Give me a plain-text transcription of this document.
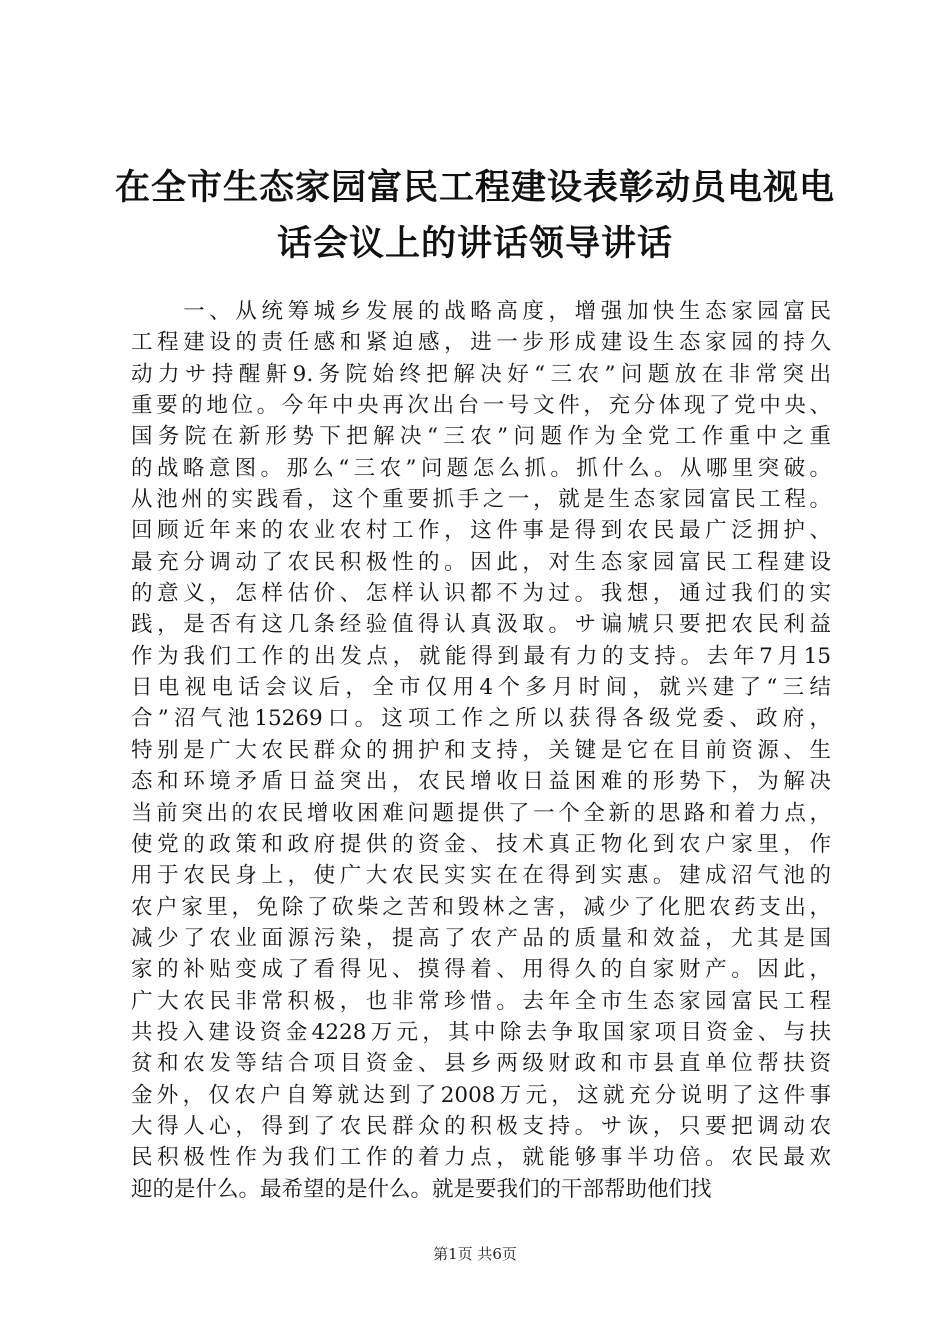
在全市生态家园富民工程建设表彰动员电视电
话会议上的讲话领导讲话
　　一、从统筹城乡发展的战略高度，增强加快生态家园富民
工程建设的责任感和紧迫感，进一步形成建设生态家园的持久
动力サ持醒鼾9.务院始终把解决好“三农”问题放在非常突出
重要的地位。今年中央再次出台一号文件，充分体现了党中央、
国务院在新形势下把解决“三农”问题作为全党工作重中之重
的战略意图。那么“三农”问题怎么抓。抓什么。从哪里突破。
从池州的实践看，这个重要抓手之一，就是生态家园富民工程。
回顾近年来的农业农村工作，这件事是得到农民最广泛拥护、
最充分调动了农民积极性的。因此，对生态家园富民工程建设
的意义，怎样估价、怎样认识都不为过。我想，通过我们的实
践，是否有这几条经验值得认真汲取。サ谝虓只要把农民利益
作为我们工作的出发点，就能得到最有力的支持。去年7月15
日电视电话会议后，全市仅用4个多月时间，就兴建了“三结
合”沼气池15269口。这项工作之所以获得各级党委、政府，
特别是广大农民群众的拥护和支持，关键是它在目前资源、生
态和环境矛盾日益突出，农民增收日益困难的形势下，为解决
当前突出的农民增收困难问题提供了一个全新的思路和着力点，
使党的政策和政府提供的资金、技术真正物化到农户家里，作
用于农民身上，使广大农民实实在在得到实惠。建成沼气池的
农户家里，免除了砍柴之苦和毁林之害，减少了化肥农药支出，
减少了农业面源污染，提高了农产品的质量和效益，尤其是国
家的补贴变成了看得见、摸得着、用得久的自家财产。因此，
广大农民非常积极，也非常珍惜。去年全市生态家园富民工程
共投入建设资金4228万元，其中除去争取国家项目资金、与扶
贫和农发等结合项目资金、县乡两级财政和市县直单位帮扶资
金外，仅农户自筹就达到了2008万元，这就充分说明了这件事
大得人心，得到了农民群众的积极支持。サ诙，只要把调动农
民积极性作为我们工作的着力点，就能够事半功倍。农民最欢
迎的是什么。最希望的是什么。就是要我们的干部帮助他们找
第1页 共6页
